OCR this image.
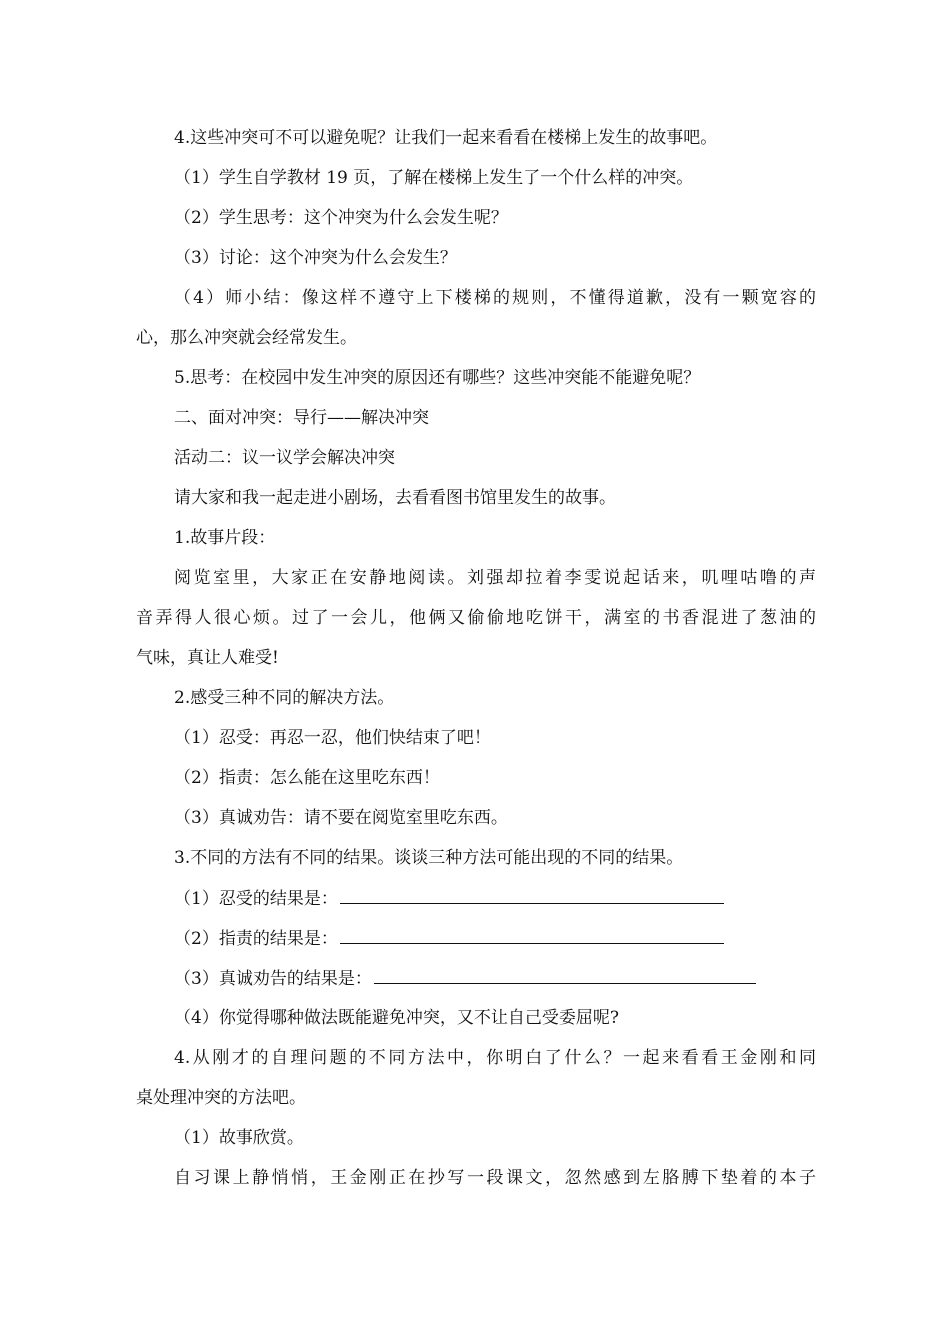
4.这些冲突可不可以避免呢？让我们一起来看看在楼梯上发生的故事吧。
（1）学生自学教材 19 页，了解在楼梯上发生了一个什么样的冲突。
（2）学生思考：这个冲突为什么会发生呢？
（3）讨论：这个冲突为什么会发生？
（4）师小结：像这样不遵守上下楼梯的规则，不懂得道歉，没有一颗宽容的
心，那么冲突就会经常发生。
5.思考：在校园中发生冲突的原因还有哪些？这些冲突能不能避免呢？
二、面对冲突：导行——解决冲突
活动二：议一议学会解决冲突
请大家和我一起走进小剧场，去看看图书馆里发生的故事。
1.故事片段：
阅览室里，大家正在安静地阅读。刘强却拉着李雯说起话来，叽哩咕噜的声
音弄得人很心烦。过了一会儿，他俩又偷偷地吃饼干，满室的书香混进了葱油的
气味，真让人难受!
2.感受三种不同的解决方法。
（1）忍受：再忍一忍，他们快结束了吧！
（2）指责：怎么能在这里吃东西！
（3）真诚劝告：请不要在阅览室里吃东西。
3.不同的方法有不同的结果。谈谈三种方法可能出现的不同的结果。
（1）忍受的结果是：
（2）指责的结果是：
（3）真诚劝告的结果是：
（4）你觉得哪种做法既能避免冲突，又不让自己受委屈呢?
4.从刚才的自理问题的不同方法中，你明白了什么？一起来看看王金刚和同
桌处理冲突的方法吧。
（1）故事欣赏。
自习课上静悄悄，王金刚正在抄写一段课文，忽然感到左胳膊下垫着的本子
